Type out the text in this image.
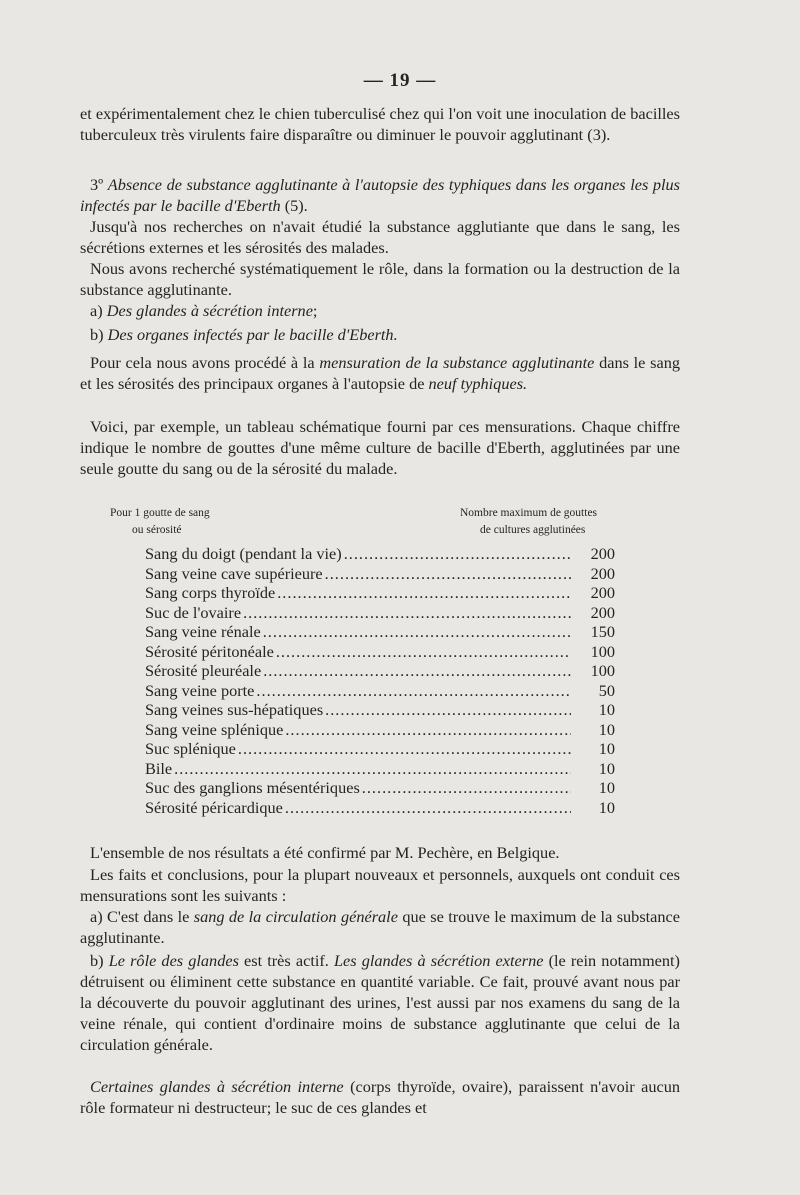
— 19 —

et expérimentalement chez le chien tuberculisé chez qui l'on voit une inoculation de bacilles tuberculeux très virulents faire disparaître ou diminuer le pouvoir agglutinant (3).

3º Absence de substance agglutinante à l'autopsie des typhiques dans les organes les plus infectés par le bacille d'Eberth (5).

Jusqu'à nos recherches on n'avait étudié la substance agglutiante que dans le sang, les sécrétions externes et les sérosités des malades.

Nous avons recherché systématiquement le rôle, dans la formation ou la destruction de la substance agglutinante.

a) Des glandes à sécrétion interne;

b) Des organes infectés par le bacille d'Eberth.

Pour cela nous avons procédé à la mensuration de la substance agglutinante dans le sang et les sérosités des principaux organes à l'autopsie de neuf typhiques.

Voici, par exemple, un tableau schématique fourni par ces mensurations. Chaque chiffre indique le nombre de gouttes d'une même culture de bacille d'Eberth, agglutinées par une seule goutte du sang ou de la sérosité du malade.

Pour 1 goutte de sang
ou sérosité
Nombre maximum de gouttes
de cultures agglutinées
Sang du doigt (pendant la vie) .....	200
Sang veine cave supérieure .....	200
Sang corps thyroïde .....	200
Suc de l'ovaire .....	200
Sang veine rénale .....	150
Sérosité péritonéale .....	100
Sérosité pleuréale .....	100
Sang veine porte .....	50
Sang veines sus-hépatiques .....	10
Sang veine splénique .....	10
Suc splénique .....	10
Bile .....	10
Suc des ganglions mésentériques .....	10
Sérosité péricardique .....	10

L'ensemble de nos résultats a été confirmé par M. Pechère, en Belgique.

Les faits et conclusions, pour la plupart nouveaux et personnels, auxquels ont conduit ces mensurations sont les suivants :

a) C'est dans le sang de la circulation générale que se trouve le maximum de la substance agglutinante.

b) Le rôle des glandes est très actif. Les glandes à sécrétion externe (le rein notamment) détruisent ou éliminent cette substance en quantité variable. Ce fait, prouvé avant nous par la découverte du pouvoir agglutinant des urines, l'est aussi par nos examens du sang de la veine rénale, qui contient d'ordinaire moins de substance agglutinante que celui de la circulation générale.

Certaines glandes à sécrétion interne (corps thyroïde, ovaire), paraissent n'avoir aucun rôle formateur ni destructeur; le suc de ces glandes et
